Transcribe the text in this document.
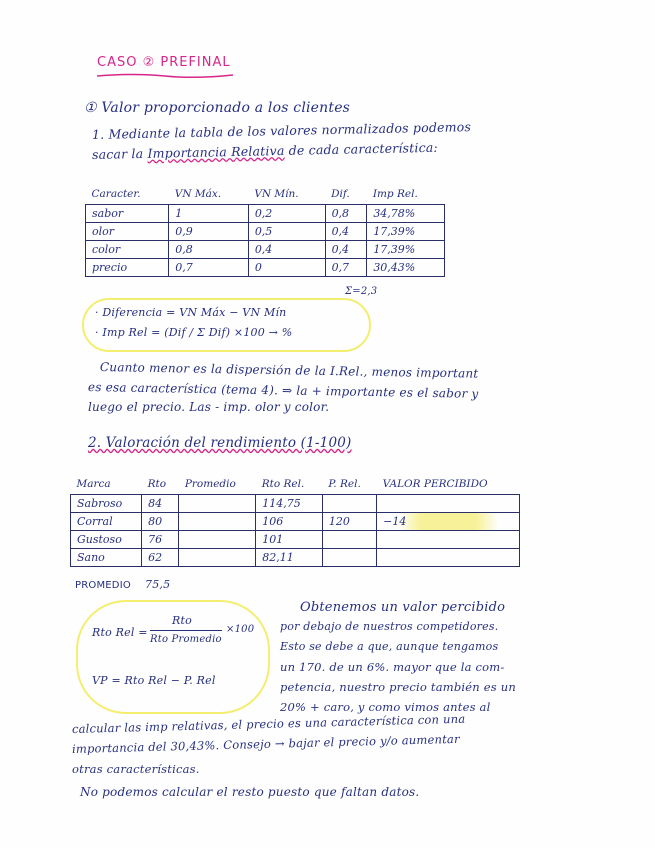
CASO ② PREFINAL
① Valor proporcionado a los clientes
1. Mediante la tabla de los valores normalizados podemos
sacar la Importancia Relativa de cada característica:
Caracter.	VN Máx.	VN Mín.	Dif.	Imp Rel.
sabor	1	0,2	0,8	34,78%
olor	0,9	0,5	0,4	17,39%
color	0,8	0,4	0,4	17,39%
precio	0,7	0	0,7	30,43%
Σ=2,3
· Diferencia = VN Máx − VN Mín
· Imp Rel = (Dif / Σ Dif) ×100 → %
Cuanto menor es la dispersión de la I.Rel., menos important
es esa característica (tema 4). ⇒ la + importante es el sabor y
luego el precio. Las - imp. olor y color.
2. Valoración del rendimiento (1-100)
Marca	Rto	Promedio	Rto Rel.	P. Rel.	VALOR PERCIBIDO
Sabroso	84		114,75		
Corral	80		106	120	−14
Gustoso	76		101		
Sano	62		82,11		
PROMEDIO 75,5
Rto Rel =
Rto
Rto Promedio
×100
VP = Rto Rel − P. Rel
Obtenemos un valor percibido
por debajo de nuestros competidores.
Esto se debe a que, aunque tengamos
un 170. de un 6%. mayor que la com-
petencia, nuestro precio también es un
20% + caro, y como vimos antes al
calcular las imp relativas, el precio es una característica con una
importancia del 30,43%. Consejo → bajar el precio y/o aumentar
otras características.
No podemos calcular el resto puesto que faltan datos.
